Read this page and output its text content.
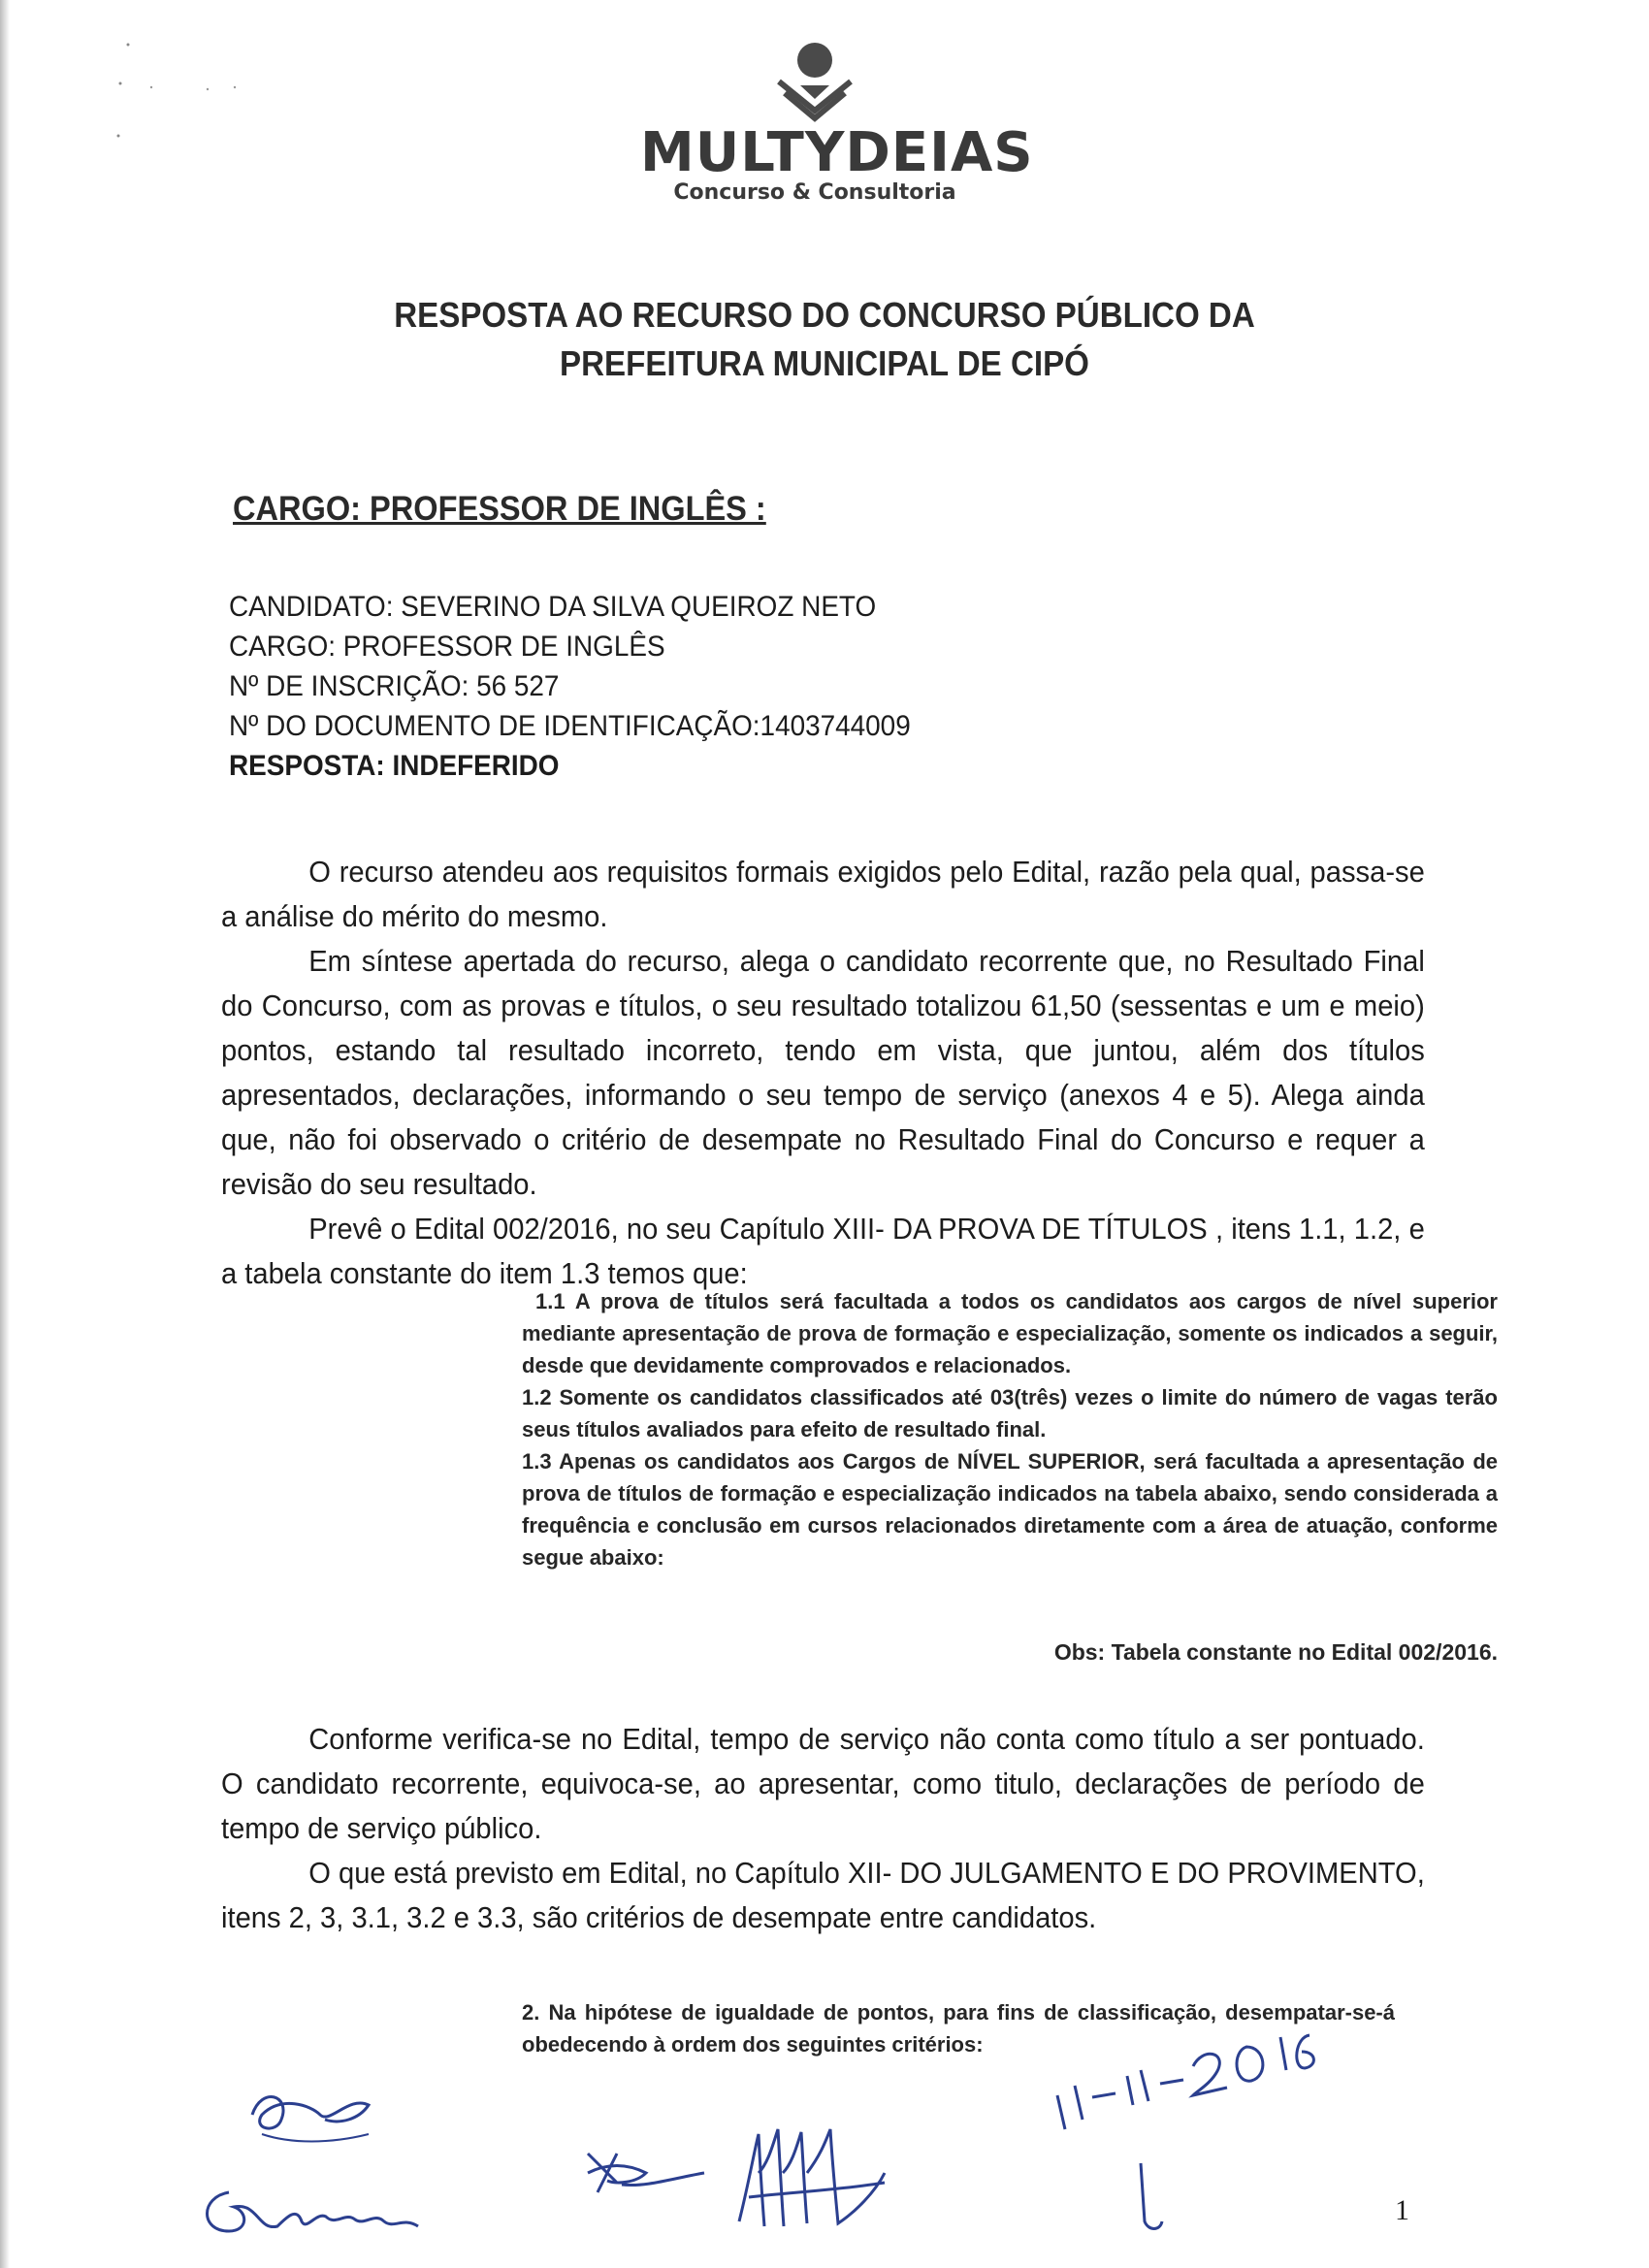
MULTYDEIAS
Concurso & Consultoria
RESPOSTA AO RECURSO DO CONCURSO PÚBLICO DA
PREFEITURA MUNICIPAL DE CIPÓ
CARGO: PROFESSOR DE INGLÊS :
CANDIDATO: SEVERINO DA SILVA QUEIROZ NETO
CARGO: PROFESSOR DE INGLÊS
Nº DE INSCRIÇÃO: 56 527
Nº DO DOCUMENTO DE IDENTIFICAÇÃO:1403744009
RESPOSTA: INDEFERIDO

O recurso atendeu aos requisitos formais exigidos pelo Edital, razão pela qual, passa-se a análise do mérito do mesmo.

Em síntese apertada do recurso, alega o candidato recorrente que, no Resultado Final do Concurso, com as provas e títulos, o seu resultado totalizou 61,50 (sessentas e um e meio) pontos, estando tal resultado incorreto, tendo em vista, que juntou, além dos títulos apresentados, declarações, informando o seu tempo de serviço (anexos 4 e 5). Alega ainda que, não foi observado o critério de desempate no Resultado Final do Concurso e requer a revisão do seu resultado.

Prevê o Edital 002/2016, no seu Capítulo XIII- DA PROVA DE TÍTULOS , itens 1.1, 1.2, e a tabela constante do item 1.3 temos que:

1.1 A prova de títulos será facultada a todos os candidatos aos cargos de nível superior mediante apresentação de prova de formação e especialização, somente os indicados a seguir, desde que devidamente comprovados e relacionados.

1.2 Somente os candidatos classificados até 03(três) vezes o limite do número de vagas terão seus títulos avaliados para efeito de resultado final.

1.3 Apenas os candidatos aos Cargos de NÍVEL SUPERIOR, será facultada a apresentação de prova de títulos de formação e especialização indicados na tabela abaixo, sendo considerada a frequência e conclusão em cursos relacionados diretamente com a área de atuação, conforme segue abaixo:

Obs: Tabela constante no Edital 002/2016.

Conforme verifica-se no Edital, tempo de serviço não conta como título a ser pontuado. O candidato recorrente, equivoca-se, ao apresentar, como titulo, declarações de período de tempo de serviço público.

O que está previsto em Edital, no Capítulo XII- DO JULGAMENTO E DO PROVIMENTO, itens 2, 3, 3.1, 3.2 e 3.3, são critérios de desempate entre candidatos.

2. Na hipótese de igualdade de pontos, para fins de classificação, desempatar-se-á obedecendo à ordem dos seguintes critérios:

1
